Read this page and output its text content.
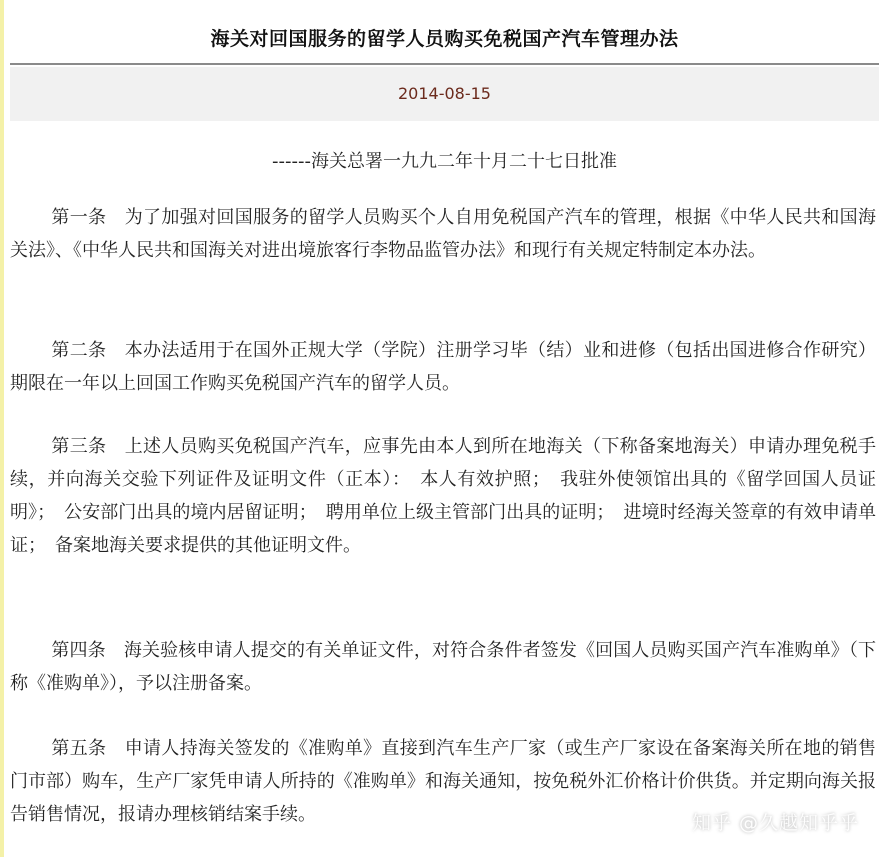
海关对回国服务的留学人员购买免税国产汽车管理办法
2014-08-15
------海关总署一九九二年十月二十七日批准

第一条　为了加强对回国服务的留学人员购买个人自用免税国产汽车的管理，根据《中华人民共和国海关法》、《中华人民共和国海关对进出境旅客行李物品监管办法》和现行有关规定特制定本办法。

第二条　本办法适用于在国外正规大学（学院）注册学习毕（结）业和进修（包括出国进修合作研究）期限在一年以上回国工作购买免税国产汽车的留学人员。

第三条　上述人员购买免税国产汽车，应事先由本人到所在地海关（下称备案地海关）申请办理免税手续，并向海关交验下列证件及证明文件（正本）：　本人有效护照；　我驻外使领馆出具的《留学回国人员证明》；　公安部门出具的境内居留证明；　聘用单位上级主管部门出具的证明；　进境时经海关签章的有效申请单证；　备案地海关要求提供的其他证明文件。

第四条　海关验核申请人提交的有关单证文件，对符合条件者签发《回国人员购买国产汽车准购单》（下称《准购单》），予以注册备案。

第五条　申请人持海关签发的《准购单》直接到汽车生产厂家（或生产厂家设在备案海关所在地的销售门市部）购车，生产厂家凭申请人所持的《准购单》和海关通知，按免税外汇价格计价供货。并定期向海关报告销售情况，报请办理核销结案手续。	知乎 @久越知乎乎
